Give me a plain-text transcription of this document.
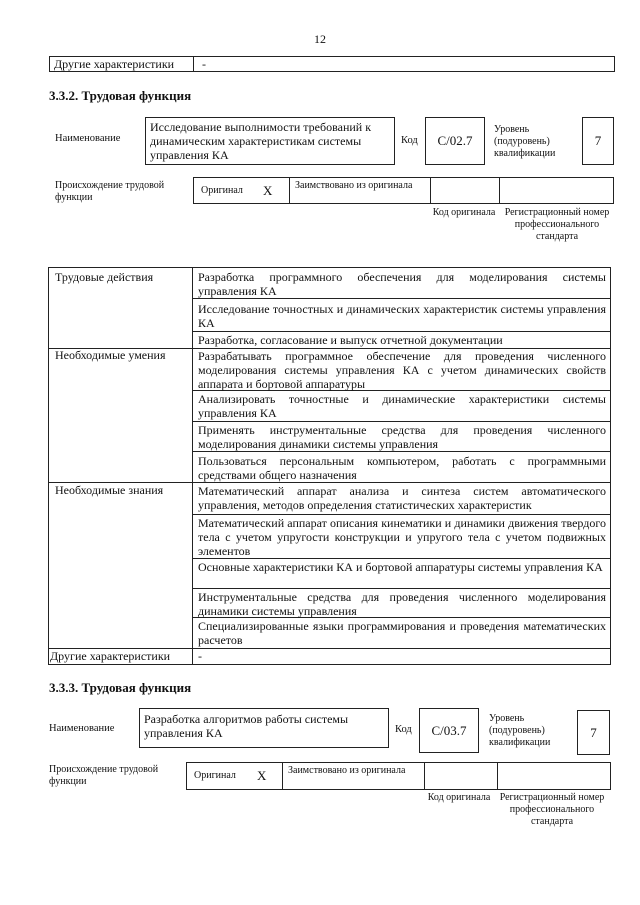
12
Другие характеристики -
3.3.2. Трудовая функция
Наименование
Исследование выполнимости требований к динамическим характеристикам системы управления КА
Код	С/02.7
Уровень (подуровень) квалификации
7
Происхождение трудовой функции
Оригинал X Заимствовано из оригинала
Код оригинала Регистрационный номер профессионального стандарта
Трудовые действия	Разработка программного обеспечения для моделирования системы управления КА
Исследование точностных и динамических характеристик системы управления КА
Разработка, согласование и выпуск отчетной документации
Необходимые умения	Разрабатывать программное обеспечение для проведения численного моделирования системы управления КА с учетом динамических свойств аппарата и бортовой аппаратуры
Анализировать точностные и динамические характеристики системы управления КА
Применять инструментальные средства для проведения численного моделирования динамики системы управления
Пользоваться персональным компьютером, работать с программными средствами общего назначения
Необходимые знания	Математический аппарат анализа и синтеза систем автоматического управления, методов определения статистических характеристик
Математический аппарат описания кинематики и динамики движения твердого тела с учетом упругости конструкции и упругого тела с учетом подвижных элементов
Основные характеристики КА и бортовой аппаратуры системы управления КА
Инструментальные средства для проведения численного моделирования динамики системы управления
Специализированные языки программирования и проведения математических расчетов
Другие характеристики -
3.3.3. Трудовая функция
Наименование
Разработка алгоритмов работы системы управления КА	Код	С/03.7
Уровень (подуровень) квалификации
7
Происхождение трудовой функции
Оригинал X Заимствовано из оригинала
Код оригинала Регистрационный номер профессионального стандарта
